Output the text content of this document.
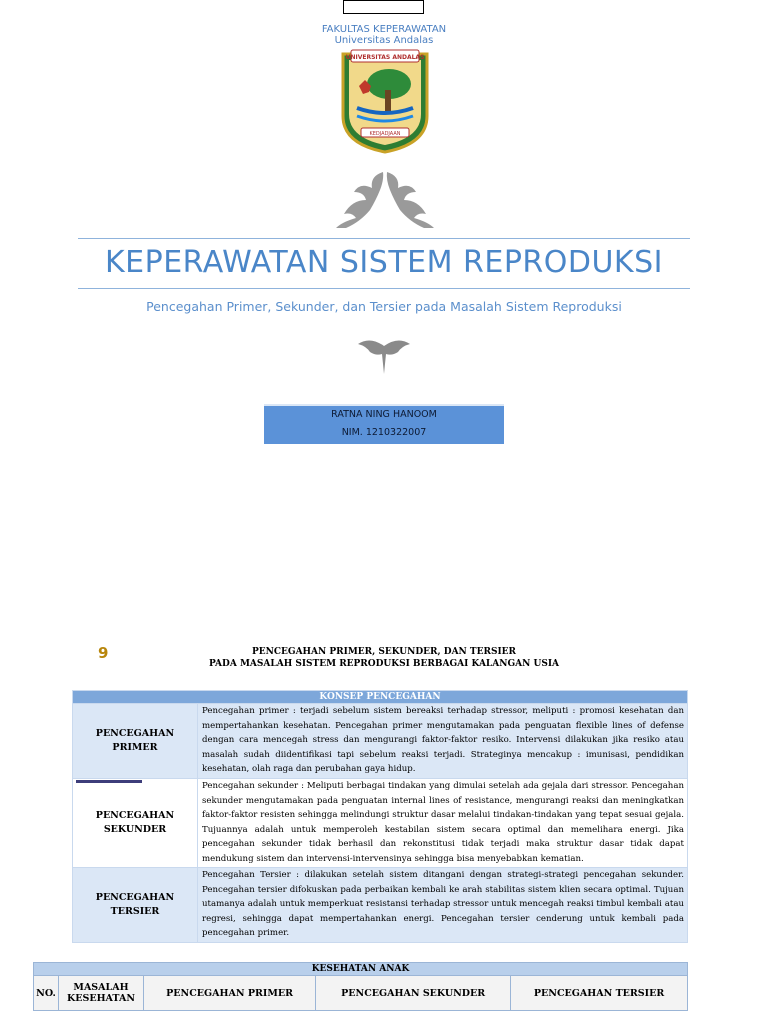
FAKULTAS KEPERAWATAN
Universitas Andalas
UNIVERSITAS ANDALAS
KEDJADJAAN
KEPERAWATAN SISTEM REPRODUKSI
Pencegahan Primer, Sekunder, dan Tersier pada Masalah Sistem Reproduksi
RATNA NING HANOOM
NIM. 1210322007
9	PENCEGAHAN PRIMER, SEKUNDER, DAN TERSIER
PADA MASALAH SISTEM REPRODUKSI BERBAGAI KALANGAN USIA
KONSEP PENCEGAHAN	
PENCEGAHAN PRIMER	Pencegahan primer : terjadi sebelum sistem bereaksi terhadap stressor, meliputi : promosi kesehatan dan mempertahankan kesehatan. Pencegahan primer mengutamakan pada penguatan flexible lines of defense dengan cara mencegah stress dan mengurangi faktor-faktor resiko. Intervensi dilakukan jika resiko atau masalah sudah diidentifikasi tapi sebelum reaksi terjadi. Strateginya mencakup : imunisasi, pendidikan kesehatan, olah raga dan perubahan gaya hidup.
PENCEGAHAN SEKUNDER	Pencegahan sekunder : Meliputi berbagai tindakan yang dimulai setelah ada gejala dari stressor. Pencegahan sekunder mengutamakan pada penguatan internal lines of resistance, mengurangi reaksi dan meningkatkan faktor-faktor resisten sehingga melindungi struktur dasar melalui tindakan-tindakan yang tepat sesuai gejala. Tujuannya adalah untuk memperoleh kestabilan sistem secara optimal dan memelihara energi. Jika pencegahan sekunder tidak berhasil dan rekonstitusi tidak terjadi maka struktur dasar tidak dapat mendukung sistem dan intervensi-intervensinya sehingga bisa menyebabkan kematian.
PENCEGAHAN TERSIER	Pencegahan Tersier : dilakukan setelah sistem ditangani dengan strategi-strategi pencegahan sekunder. Pencegahan tersier difokuskan pada perbaikan kembali ke arah stabilitas sistem klien secara optimal. Tujuan utamanya adalah untuk memperkuat resistansi terhadap stressor untuk mencegah reaksi timbul kembali atau regresi, sehingga dapat mempertahankan energi. Pencegahan tersier cenderung untuk kembali pada pencegahan primer.
KESEHATAN ANAK
NO.	MASALAH KESEHATAN	PENCEGAHAN PRIMER	PENCEGAHAN SEKUNDER	PENCEGAHAN TERSIER
